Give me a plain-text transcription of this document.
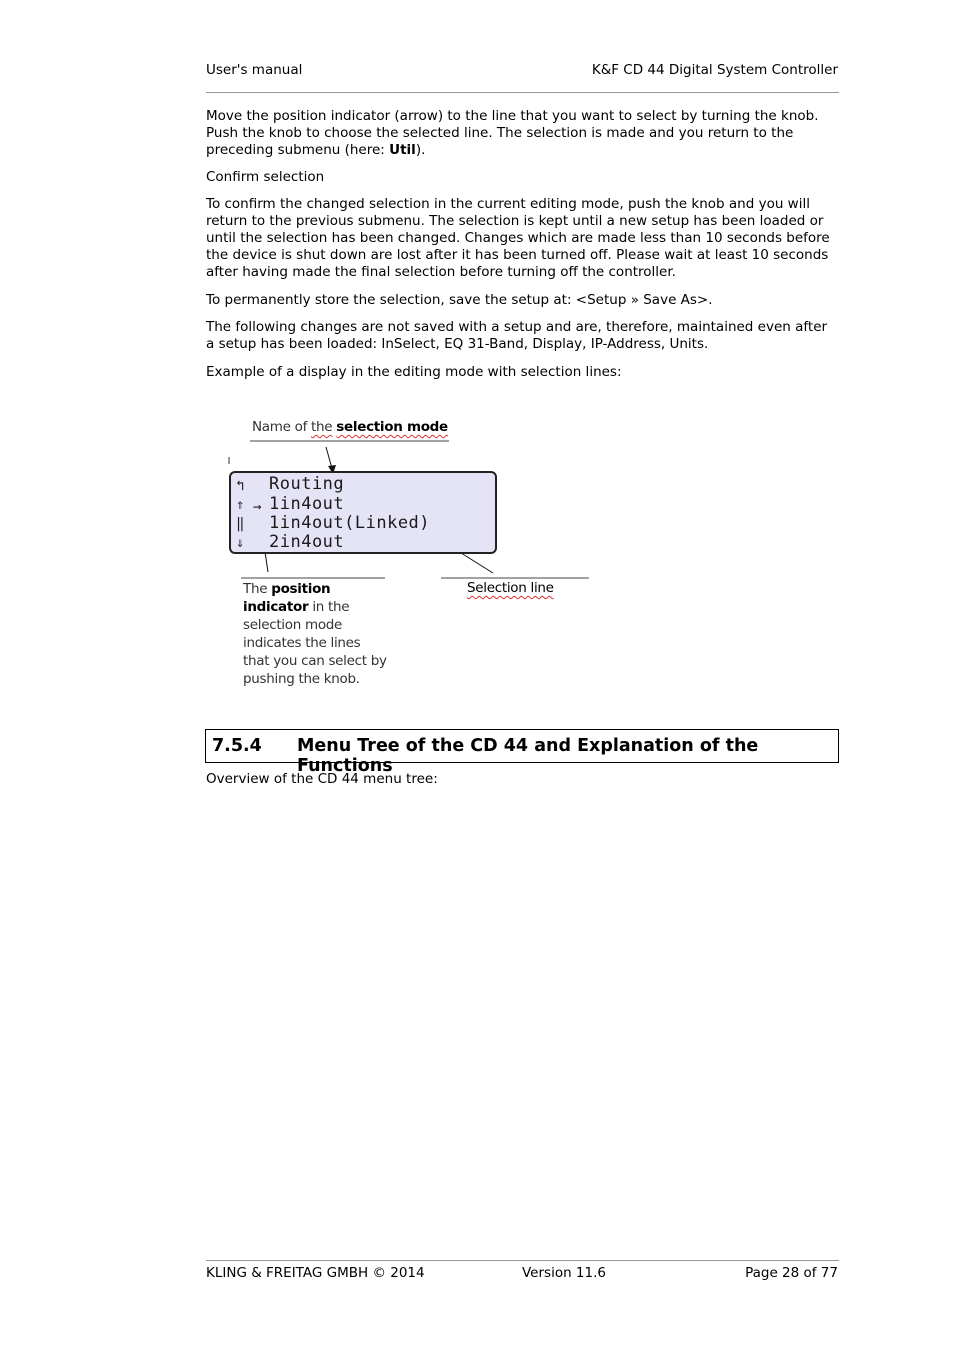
User's manual	K&F CD 44 Digital System Controller

Move the position indicator (arrow) to the line that you want to select by turning the knob. Push the knob to choose the selected line. The selection is made and you return to the preceding submenu (here: Util).

Confirm selection
To confirm the changed selection in the current editing mode, push the knob and you will return to the previous submenu. The selection is kept until a new setup has been loaded or until the selection has been changed. Changes which are made less than 10 seconds before the device is shut down are lost after it has been turned off. Please wait at least 10 seconds after having made the final selection before turning off the controller.
To permanently store the selection, save the setup at: <Setup » Save As>.
The following changes are not saved with a setup and are, therefore, maintained even after a setup has been loaded: InSelect, EQ 31-Band, Display, IP-Address, Units.
Example of a display in the editing mode with selection lines:
Name of the selection mode
↰
⇑
‖
⇓
→
Routing
1in4out
1in4out(Linked)
2in4out
Selection line
The position
indicator in the
selection mode
indicates the lines
that you can select by
pushing the knob.
7.5.4 Menu Tree of the CD 44 and Explanation of the Functions
Overview of the CD 44 menu tree:
KLING & FREITAG GMBH © 2014	Version 11.6	Page 28 of 77
